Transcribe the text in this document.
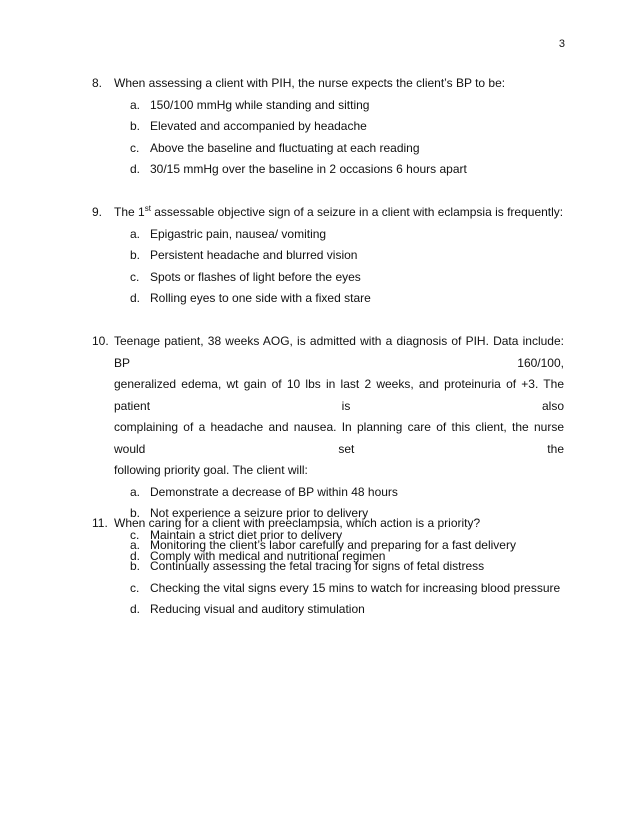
3
8. When assessing a client with PIH, the nurse expects the client’s BP to be:
a. 150/100 mmHg while standing and sitting
b. Elevated and accompanied by headache
c. Above the baseline and fluctuating at each reading
d. 30/15 mmHg over the baseline in 2 occasions 6 hours apart
9. The 1st assessable objective sign of a seizure in a client with eclampsia is frequently:
a. Epigastric pain, nausea/ vomiting
b. Persistent headache and blurred vision
c. Spots or flashes of light before the eyes
d. Rolling eyes to one side with a fixed stare
10. Teenage patient, 38 weeks AOG, is admitted with a diagnosis of PIH. Data include: BP 160/100,
generalized edema, wt gain of 10 lbs in last 2 weeks, and proteinuria of +3. The patient is also
complaining of a headache and nausea. In planning care of this client, the nurse would set the
following priority goal. The client will:
a. Demonstrate a decrease of BP within 48 hours
b. Not experience a seizure prior to delivery
c. Maintain a strict diet prior to delivery
d. Comply with medical and nutritional regimen
11. When caring for a client with preeclampsia, which action is a priority?
a. Monitoring the client’s labor carefully and preparing for a fast delivery
b. Continually assessing the fetal tracing for signs of fetal distress
c. Checking the vital signs every 15 mins to watch for increasing blood pressure
d. Reducing visual and auditory stimulation
